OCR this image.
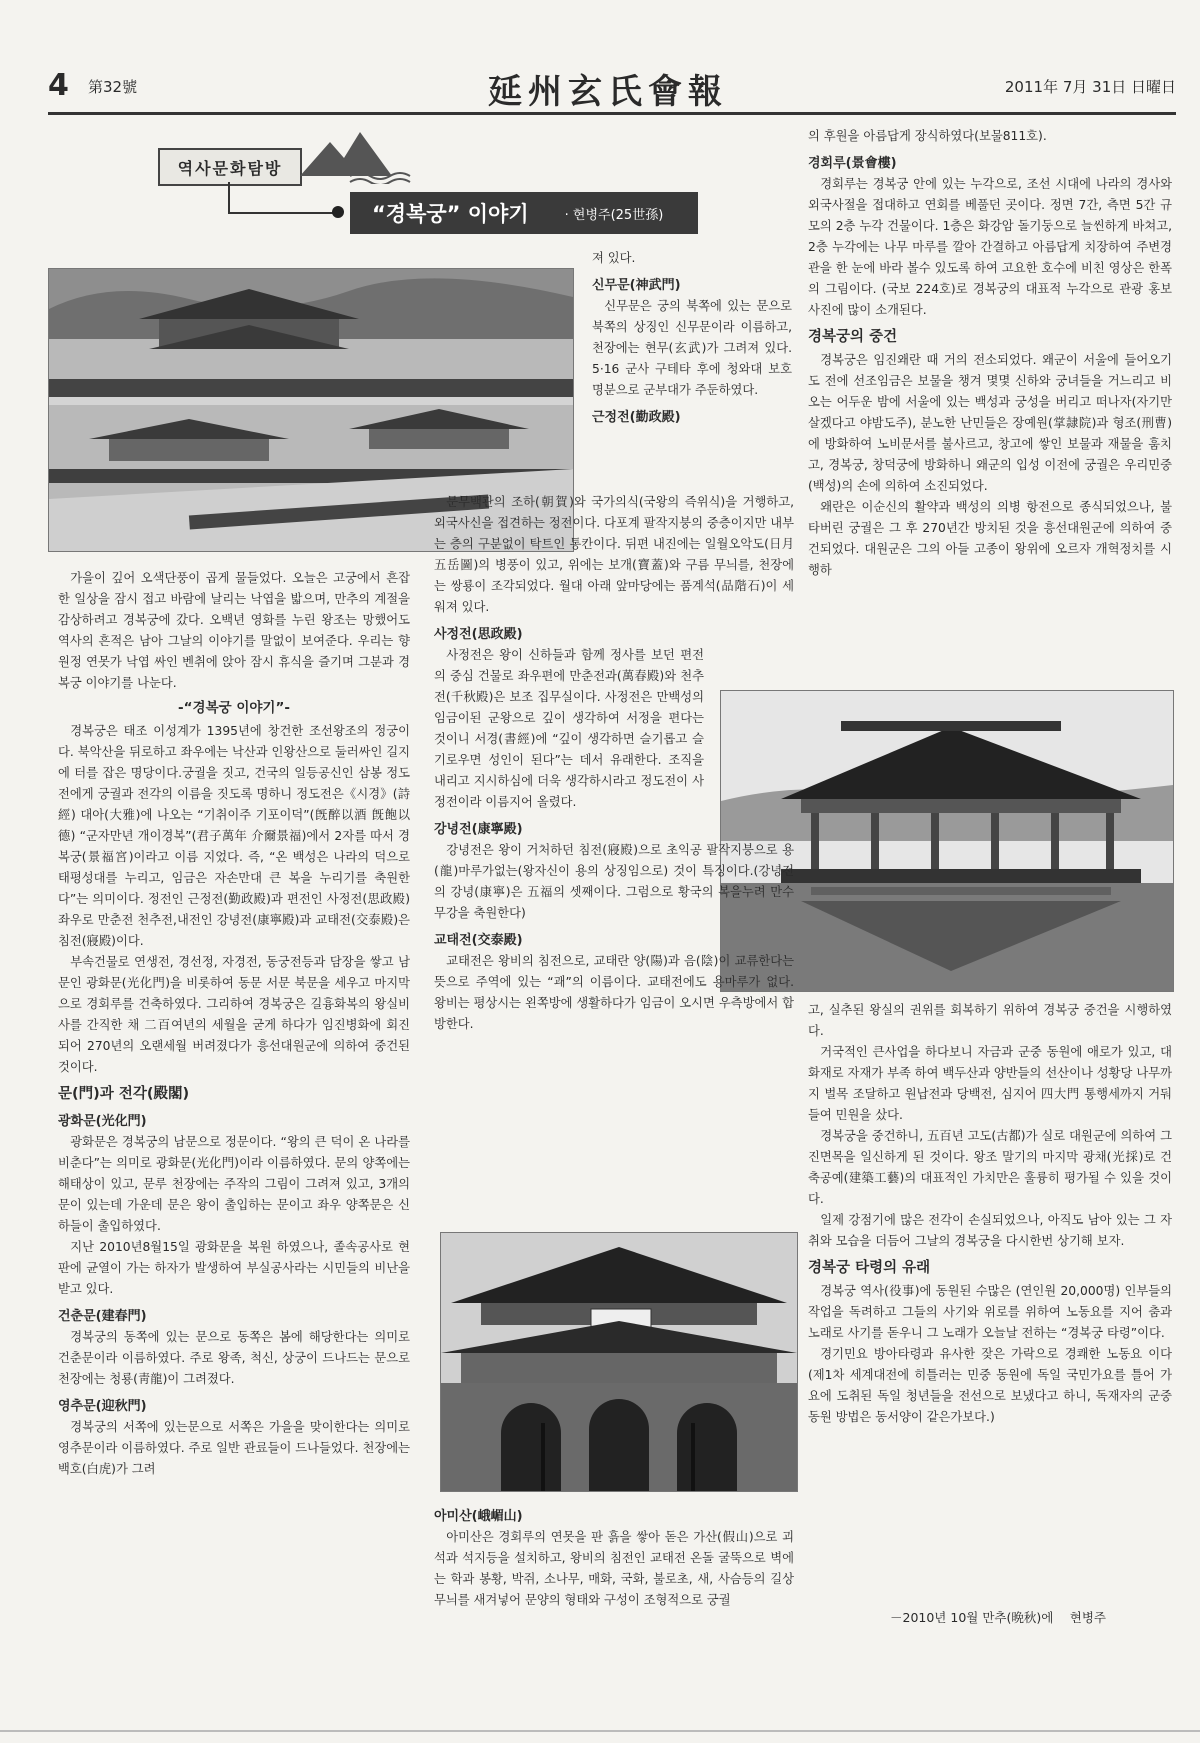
4 第32號	延州玄氏會報	2011年 7月 31日 日曜日
역사문화탐방
“경복궁” 이야기	· 현병주(25世孫)

가을이 깊어 오색단풍이 곱게 물들었다. 오늘은 고궁에서 흔잡한 일상을 잠시 접고 바람에 날리는 낙엽을 밟으며, 만추의 계절을 감상하려고 경복궁에 갔다. 오백년 영화를 누린 왕조는 망했어도 역사의 흔적은 남아 그날의 이야기를 말없이 보여준다. 우리는 향원정 연못가 낙엽 싸인 벤취에 앉아 잠시 휴식을 즐기며 그분과 경복궁 이야기를 나눈다.

-“경복궁 이야기”-

경복궁은 태조 이성계가 1395년에 창건한 조선왕조의 정궁이다. 북악산을 뒤로하고 좌우에는 낙산과 인왕산으로 둘러싸인 길지에 터를 잡은 명당이다.궁궐을 짓고, 건국의 일등공신인 삼봉 정도전에게 궁궐과 전각의 이름을 짓도록 명하니 정도전은《시경》(詩經) 대아(大雅)에 나오는 “기취이주 기포이덕”(旣醉以酒 旣飽以德) “군자만년 개이경복”(君子萬年 介爾景福)에서 2자를 따서 경복궁(景福宮)이라고 이름 지었다. 즉, “온 백성은 나라의 덕으로 태평성대를 누리고, 임금은 자손만대 큰 복을 누리기를 축원한다”는 의미이다. 정전인 근정전(勤政殿)과 편전인 사정전(思政殿) 좌우로 만춘전 천추전,내전인 강녕전(康寧殿)과 교태전(交泰殿)은 침전(寢殿)이다.

부속건물로 연생전, 경선정, 자경전, 동궁전등과 담장을 쌓고 남문인 광화문(光化門)을 비롯하여 동문 서문 북문을 세우고 마지막으로 경회루를 건축하였다. 그리하여 경복궁은 길흉화복의 왕실비사를 간직한 채 二百여년의 세월을 굳게 하다가 임진병화에 회진되어 270년의 오랜세월 버려졌다가 흥선대원군에 의하여 중건된 것이다.

문(門)과 전각(殿閣)
광화문(光化門)

광화문은 경복궁의 남문으로 정문이다. “왕의 큰 덕이 온 나라를 비춘다”는 의미로 광화문(光化門)이라 이름하였다. 문의 양쪽에는 해태상이 있고, 문루 천장에는 주작의 그림이 그려져 있고, 3개의 문이 있는데 가운데 문은 왕이 출입하는 문이고 좌우 양쪽문은 신하들이 출입하였다.

지난 2010년8월15일 광화문을 복원 하였으나, 졸속공사로 현판에 균열이 가는 하자가 발생하여 부실공사라는 시민들의 비난을 받고 있다.

건춘문(建春門)

경복궁의 동쪽에 있는 문으로 동쪽은 봄에 해당한다는 의미로 건춘문이라 이름하였다. 주로 왕족, 척신, 상궁이 드나드는 문으로 천장에는 청룡(靑龍)이 그려졌다.

영추문(迎秋門)

경복궁의 서쪽에 있는문으로 서쪽은 가을을 맞이한다는 의미로 영추문이라 이름하였다. 주로 일반 관료들이 드나들었다. 천장에는 백호(白虎)가 그려

져 있다.

신무문(神武門)

신무문은 궁의 북쪽에 있는 문으로 북쪽의 상징인 신무문이라 이름하고, 천장에는 현무(玄武)가 그려져 있다. 5·16 군사 구테타 후에 청와대 보호 명분으로 군부대가 주둔하였다.

근정전(勤政殿)

문무백관의 조하(朝賀)와 국가의식(국왕의 즉위식)을 거행하고, 외국사신을 접견하는 정전이다. 다포계 팔작지붕의 중층이지만 내부는 층의 구분없이 탁트인 통칸이다. 뒤편 내진에는 일월오악도(日月五岳圖)의 병풍이 있고, 위에는 보개(寶蓋)와 구름 무늬를, 천장에는 쌍룡이 조각되었다. 월대 아래 앞마당에는 품계석(品階石)이 세워져 있다.

사정전(思政殿)

사정전은 왕이 신하들과 함께 정사를 보던 편전의 중심 건물로 좌우편에 만춘전과(萬春殿)와 천추전(千秋殿)은 보조 집무실이다. 사정전은 만백성의 임금이된 군왕으로 깊이 생각하여 서정을 편다는 것이니 서경(書經)에 “깊이 생각하면 슬기롭고 슬기로우면 성인이 된다”는 데서 유래한다. 조직을 내리고 지시하심에 더욱 생각하시라고 정도전이 사정전이라 이름지어 올렸다.

강녕전(康寧殿)

강녕전은 왕이 거처하던 침전(寢殿)으로 초익공 팔작지붕으로 용(龍)마루가없는(왕자신이 용의 상징임으로) 것이 특징이다.(강녕전의 강녕(康寧)은 五福의 셋째이다. 그럼으로 황국의 복을누려 만수무강을 축원한다)

교태전(交泰殿)

교태전은 왕비의 침전으로, 교태란 양(陽)과 음(陰)이 교류한다는 뜻으로 주역에 있는 “괘”의 이름이다. 교태전에도 용마루가 없다. 왕비는 평상시는 왼쪽방에 생활하다가 임금이 오시면 우측방에서 합방한다.

아미산(峨嵋山)

아미산은 경회루의 연못을 판 흙을 쌓아 돋은 가산(假山)으로 괴석과 석지등을 설치하고, 왕비의 침전인 교태전 온돌 굴뚝으로 벽에는 학과 봉황, 박쥐, 소나무, 매화, 국화, 불로초, 새, 사슴등의 길상무늬를 새겨넣어 문양의 형태와 구성이 조형적으로 궁궐

의 후원을 아름답게 장식하였다(보물811호).

경회루(景會樓)

경회루는 경복궁 안에 있는 누각으로, 조선 시대에 나라의 경사와 외국사절을 접대하고 연회를 베풀던 곳이다. 정면 7간, 측면 5간 규모의 2층 누각 건물이다. 1층은 화강암 돌기둥으로 늘씬하게 바쳐고, 2층 누각에는 나무 마루를 깔아 간결하고 아름답게 치장하여 주변경관을 한 눈에 바라 볼수 있도록 하여 고요한 호수에 비친 영상은 한폭의 그림이다. (국보 224호)로 경복궁의 대표적 누각으로 관광 홍보 사진에 많이 소개된다.

경복궁의 중건

경복궁은 임진왜란 때 거의 전소되었다. 왜군이 서울에 들어오기도 전에 선조임금은 보물을 챙겨 몇몇 신하와 궁녀들을 거느리고 비오는 어두운 밤에 서울에 있는 백성과 궁성을 버리고 떠나자(자기만 살겠다고 야밤도주), 분노한 난민들은 장예원(掌隷院)과 형조(刑曹)에 방화하여 노비문서를 불사르고, 창고에 쌓인 보물과 재물을 훔치고, 경복궁, 창덕궁에 방화하니 왜군의 입성 이전에 궁궐은 우리민중(백성)의 손에 의하여 소진되었다.

왜란은 이순신의 활약과 백성의 의병 항전으로 종식되었으나, 불타버린 궁궐은 그 후 270년간 방치된 것을 흥선대원군에 의하여 중건되었다. 대원군은 그의 아들 고종이 왕위에 오르자 개혁정치를 시행하

고, 실추된 왕실의 권위를 회복하기 위하여 경복궁 중건을 시행하였다.

거국적인 큰사업을 하다보니 자금과 군중 동원에 애로가 있고, 대 화재로 자재가 부족 하여 백두산과 양반들의 선산이나 성황당 나무까지 벌목 조달하고 원납전과 당백전, 심지어 四大門 통행세까지 거둬들여 민원을 샀다.

경복궁을 중건하니, 五百년 고도(古都)가 실로 대원군에 의하여 그 진면목을 일신하게 된 것이다. 왕조 말기의 마지막 광채(光採)로 건축공예(建築工藝)의 대표적인 가치만은 훌륭히 평가될 수 있을 것이다.

일제 강점기에 많은 전각이 손실되었으나, 아직도 남아 있는 그 자취와 모습을 더듬어 그날의 경복궁을 다시한번 상기해 보자.

경복궁 타령의 유래

경복궁 역사(役事)에 동원된 수많은 (연인원 20,000명) 인부들의 작업을 독려하고 그들의 사기와 위로를 위하여 노동요를 지어 춤과 노래로 사기를 돋우니 그 노래가 오늘날 전하는 “경복궁 타령”이다.

경기민요 방아타령과 유사한 잦은 가락으로 경쾌한 노동요 이다 (제1차 세계대전에 히틀러는 민중 동원에 독일 국민가요를 틀어 가요에 도취된 독일 청년들을 전선으로 보냈다고 하니, 독재자의 군중 동원 방법은 동서양이 같은가보다.)

－2010년 10월 만추(晩秋)에　 현병주
